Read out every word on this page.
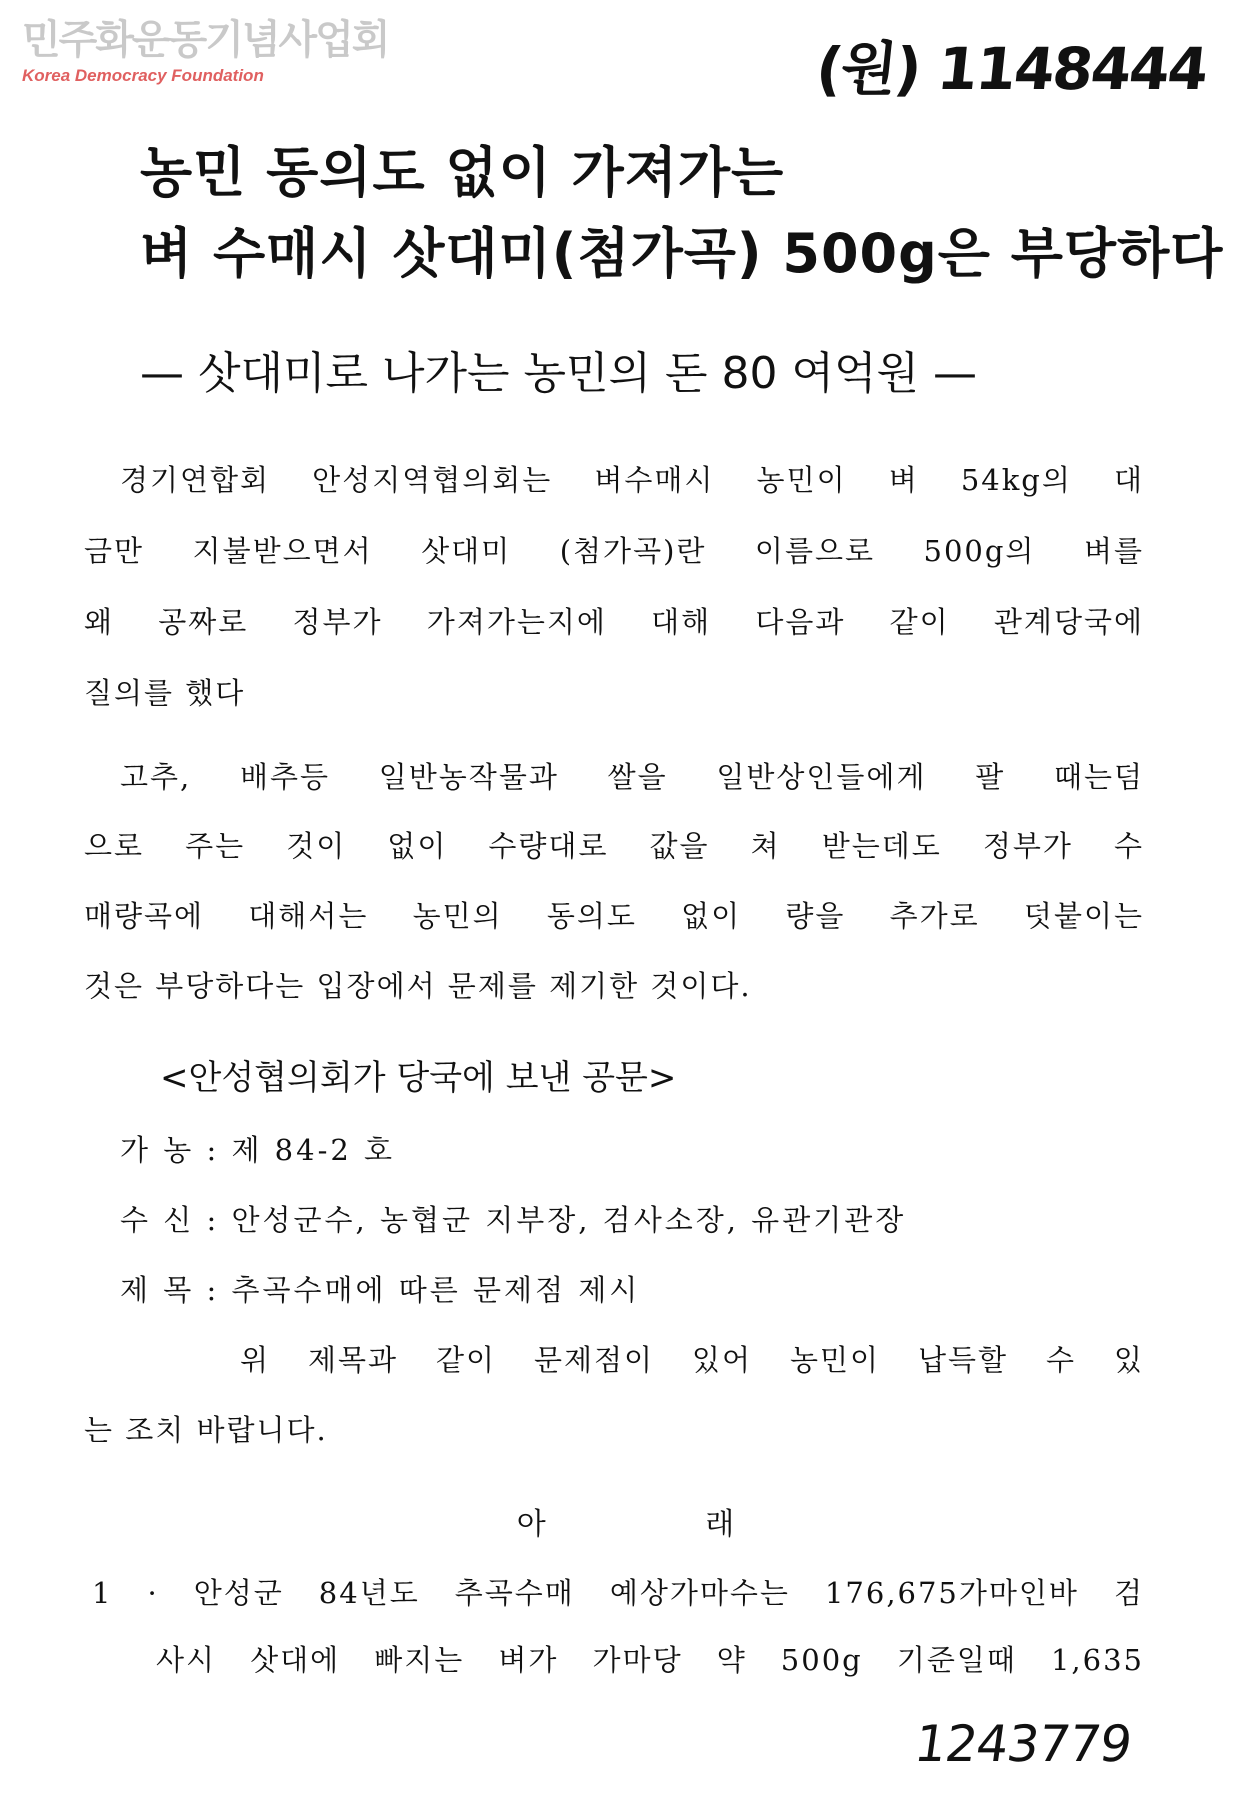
민주화운동기념사업회
Korea Democracy Foundation	(원) 1148444
농민 동의도 없이 가져가는
벼 수매시 삿대미(첨가곡) 500g은 부당하다
— 삿대미로 나가는 농민의 돈 80 여억원 —
경기연합회 안성지역협의회는 벼수매시 농민이 벼 54kg의 대
금만 지불받으면서 삿대미 (첨가곡)란 이름으로 500g의 벼를
왜 공짜로 정부가 가져가는지에 대해 다음과 같이 관계당국에
질의를 했다
고추, 배추등 일반농작물과 쌀을 일반상인들에게 팔 때는덤
으로 주는 것이 없이 수량대로 값을 쳐 받는데도 정부가 수
매량곡에 대해서는 농민의 동의도 없이 량을 추가로 덧붙이는
것은 부당하다는 입장에서 문제를 제기한 것이다.
<안성협의회가 당국에 보낸 공문>
가 농 : 제 84-2 호
수 신 : 안성군수, 농협군 지부장, 검사소장, 유관기관장
제 목 : 추곡수매에 따른 문제점 제시
위 제목과 같이 문제점이 있어 농민이 납득할 수 있
는 조치 바랍니다.
아 래
1 · 안성군 84년도 추곡수매 예상가마수는 176,675가마인바 검
사시 삿대에 빠지는 벼가 가마당 약 500g 기준일때 1,635
1243779
